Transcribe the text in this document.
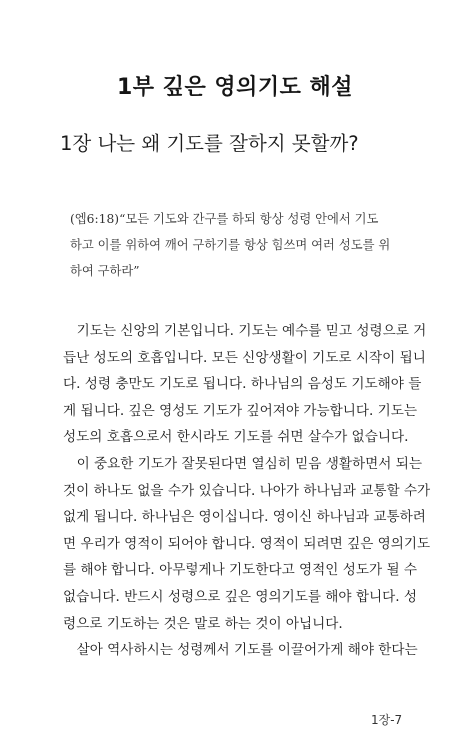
1부 깊은 영의기도 해설
1장 나는 왜 기도를 잘하지 못할까?
(엡6:18)“모든 기도와 간구를 하되 항상 성령 안에서 기도
하고 이를 위하여 깨어 구하기를 항상 힘쓰며 여러 성도를 위
하여 구하라”
　기도는 신앙의 기본입니다. 기도는 예수를 믿고 성령으로 거
듭난 성도의 호흡입니다. 모든 신앙생활이 기도로 시작이 됩니
다. 성령 충만도 기도로 됩니다. 하나님의 음성도 기도해야 들
게 됩니다. 깊은 영성도 기도가 깊어져야 가능합니다. 기도는
성도의 호흡으로서 한시라도 기도를 쉬면 살수가 없습니다.
　이 중요한 기도가 잘못된다면 열심히 믿음 생활하면서 되는
것이 하나도 없을 수가 있습니다. 나아가 하나님과 교통할 수가
없게 됩니다. 하나님은 영이십니다. 영이신 하나님과 교통하려
면 우리가 영적이 되어야 합니다. 영적이 되려면 깊은 영의기도
를 해야 합니다. 아무렇게나 기도한다고 영적인 성도가 될 수
없습니다. 반드시 성령으로 깊은 영의기도를 해야 합니다. 성
령으로 기도하는 것은 말로 하는 것이 아닙니다.
　살아 역사하시는 성령께서 기도를 이끌어가게 해야 한다는
1장-7
